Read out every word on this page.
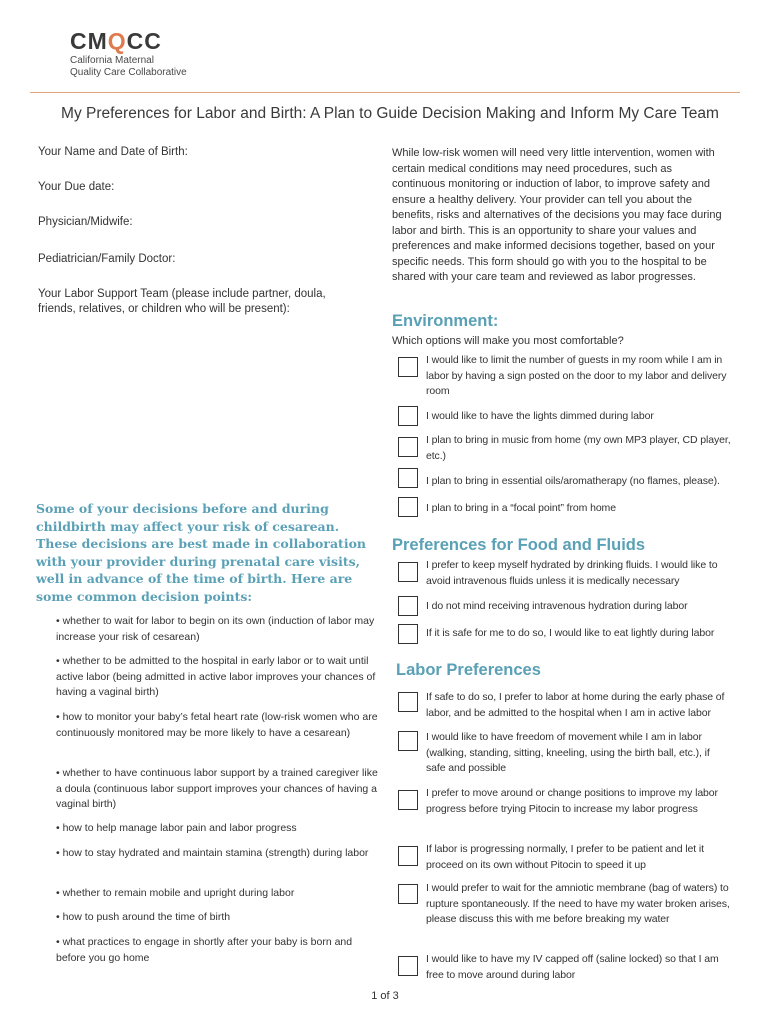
CMQCC
California Maternal
Quality Care Collaborative
My Preferences for Labor and Birth: A Plan to Guide Decision Making and Inform My Care Team
Your Name and Date of Birth:
Your Due date:
Physician/Midwife:
Pediatrician/Family Doctor:
Your Labor Support Team (please include partner, doula, friends, relatives, or children who will be present):
While low-risk women will need very little intervention, women with certain medical conditions may need procedures, such as continuous monitoring or induction of labor, to improve safety and ensure a healthy delivery. Your provider can tell you about the benefits, risks and alternatives of the decisions you may face during labor and birth. This is an opportunity to share your values and preferences and make informed decisions together, based on your specific needs. This form should go with you to the hospital to be shared with your care team and reviewed as labor progresses.
Environment:
Which options will make you most comfortable?
I would like to limit the number of guests in my room while I am in labor by having a sign posted on the door to my labor and delivery room
I would like to have the lights dimmed during labor
I plan to bring in music from home (my own MP3 player, CD player, etc.)
I plan to bring in essential oils/aromatherapy (no flames, please).
I plan to bring in a “focal point” from home
Preferences for Food and Fluids
I prefer to keep myself hydrated by drinking fluids. I would like to avoid intravenous fluids unless it is medically necessary
I do not mind receiving intravenous hydration during labor
If it is safe for me to do so, I would like to eat lightly during labor
Labor Preferences
If safe to do so, I prefer to labor at home during the early phase of labor, and be admitted to the hospital when I am in active labor
I would like to have freedom of movement while I am in labor (walking, standing, sitting, kneeling, using the birth ball, etc.), if safe and possible
I prefer to move around or change positions to improve my labor progress before trying Pitocin to increase my labor progress
If labor is progressing normally, I prefer to be patient and let it proceed on its own without Pitocin to speed it up
I would prefer to wait for the amniotic membrane (bag of waters) to rupture spontaneously. If the need to have my water broken arises, please discuss this with me before breaking my water
I would like to have my IV capped off (saline locked) so that I am free to move around during labor
Some of your decisions before and during childbirth may affect your risk of cesarean. These decisions are best made in collaboration with your provider during prenatal care visits, well in advance of the time of birth. Here are some common decision points:
• whether to wait for labor to begin on its own (induction of labor may increase your risk of cesarean)
• whether to be admitted to the hospital in early labor or to wait until active labor (being admitted in active labor improves your chances of having a vaginal birth)
• how to monitor your baby’s fetal heart rate (low-risk women who are continuously monitored may be more likely to have a cesarean)
• whether to have continuous labor support by a trained caregiver like a doula (continuous labor support improves your chances of having a vaginal birth)
• how to help manage labor pain and labor progress
• how to stay hydrated and maintain stamina (strength) during labor
• whether to remain mobile and upright during labor
• how to push around the time of birth
• what practices to engage in shortly after your baby is born and before you go home
1 of 3
